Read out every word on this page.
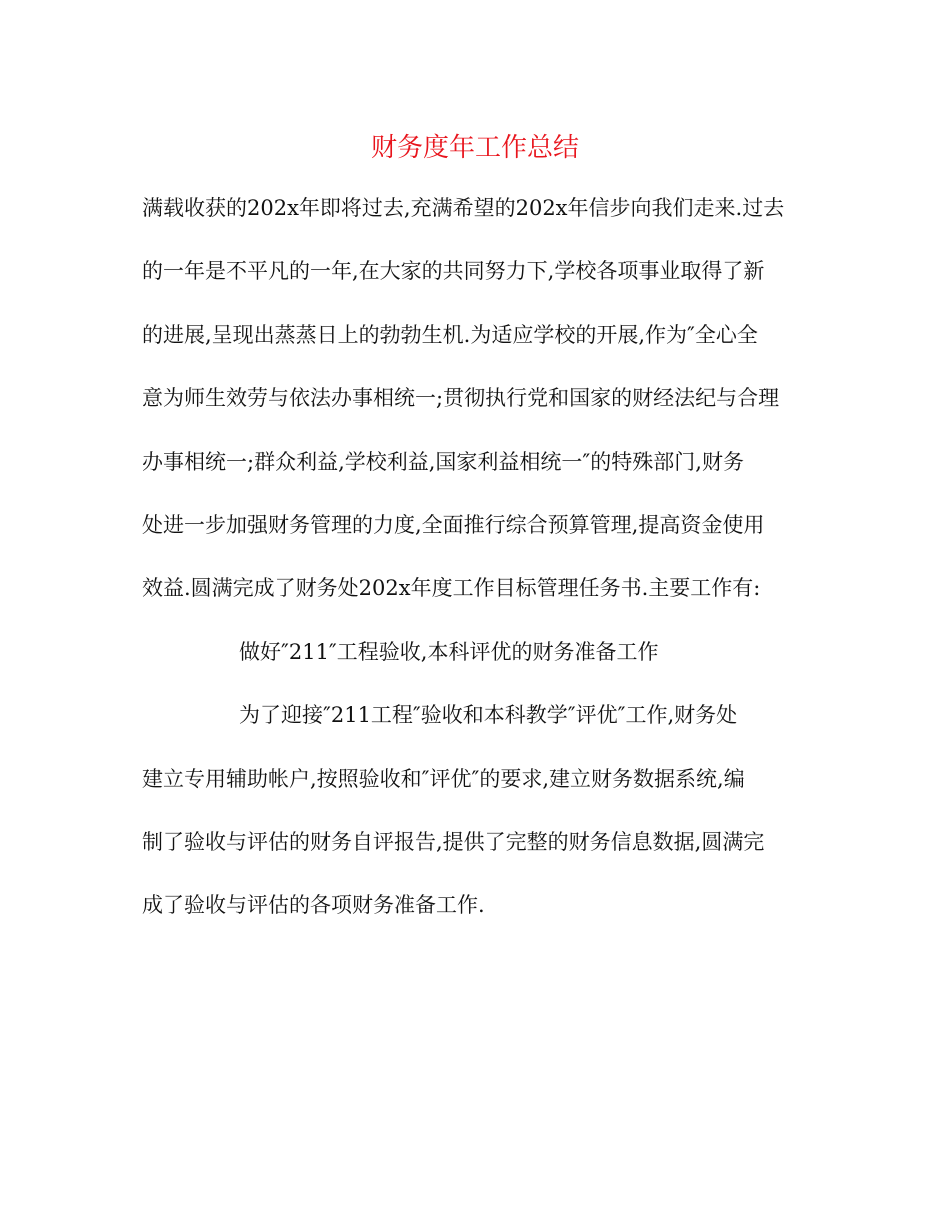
财务度年工作总结
满载收获的202x年即将过去,充满希望的202x年信步向我们走来.过去
的一年是不平凡的一年,在大家的共同努力下,学校各项事业取得了新
的进展,呈现出蒸蒸日上的勃勃生机.为适应学校的开展,作为″全心全
意为师生效劳与依法办事相统一;贯彻执行党和国家的财经法纪与合理
办事相统一;群众利益,学校利益,国家利益相统一″的特殊部门,财务
处进一步加强财务管理的力度,全面推行综合预算管理,提高资金使用
效益.圆满完成了财务处202x年度工作目标管理任务书.主要工作有:
做好″211″工程验收,本科评优的财务准备工作
为了迎接″211工程″验收和本科教学″评优″工作,财务处
建立专用辅助帐户,按照验收和″评优″的要求,建立财务数据系统,编
制了验收与评估的财务自评报告,提供了完整的财务信息数据,圆满完
成了验收与评估的各项财务准备工作.
